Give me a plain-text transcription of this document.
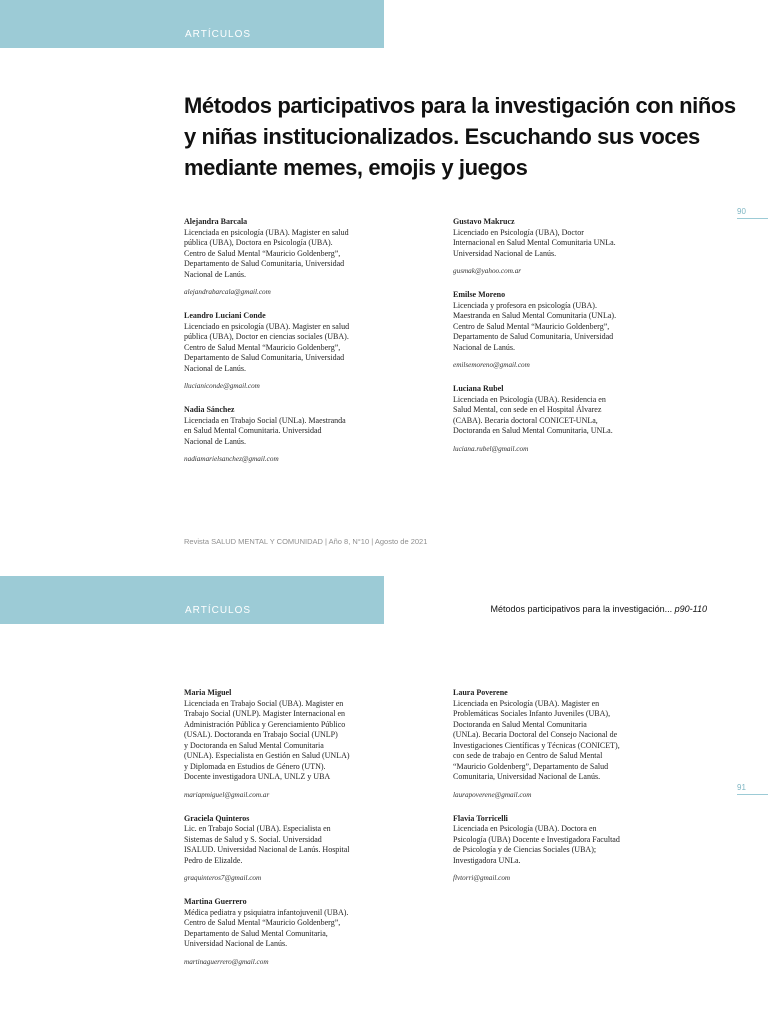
ARTÍCULOS
Métodos participativos para la investigación con niños y niñas institucionalizados. Escuchando sus voces mediante memes, emojis y juegos
90
Alejandra Barcala
Licenciada en psicología (UBA). Magister en salud
pública (UBA), Doctora en Psicología (UBA).
Centro de Salud Mental “Mauricio Goldenberg”,
Departamento de Salud Comunitaria, Universidad
Nacional de Lanús.
alejandrabarcala@gmail.com
Leandro Luciani Conde
Licenciado en psicología (UBA). Magister en salud
pública (UBA), Doctor en ciencias sociales (UBA).
Centro de Salud Mental “Mauricio Goldenberg”,
Departamento de Salud Comunitaria, Universidad
Nacional de Lanús.
llucianiconde@gmail.com
Nadia Sánchez
Licenciada en Trabajo Social (UNLa). Maestranda
en Salud Mental Comunitaria. Universidad
Nacional de Lanús.
nadiamarielsanchez@gmail.com
Gustavo Makrucz
Licenciado en Psicología (UBA), Doctor
Internacional en Salud Mental Comunitaria UNLa.
Universidad Nacional de Lanús.
gusmak@yahoo.com.ar
Emilse Moreno
Licenciada y profesora en psicología (UBA).
Maestranda en Salud Mental Comunitaria (UNLa).
Centro de Salud Mental “Mauricio Goldenberg”,
Departamento de Salud Comunitaria, Universidad
Nacional de Lanús.
emilsemoreno@gmail.com
Luciana Rubel
Licenciada en Psicología (UBA). Residencia en
Salud Mental, con sede en el Hospital Álvarez
(CABA). Becaria doctoral CONICET-UNLa,
Doctoranda en Salud Mental Comunitaria, UNLa.
luciana.rubel@gmail.com
Revista SALUD MENTAL Y COMUNIDAD | Año 8, N°10 | Agosto de 2021
ARTÍCULOS	Métodos participativos para la investigación... p90-110
91
Maria Miguel
Licenciada en Trabajo Social (UBA). Magister en
Trabajo Social (UNLP). Magister Internacional en
Administración Pública y Gerenciamiento Público
(USAL). Doctoranda en Trabajo Social (UNLP)
y Doctoranda en Salud Mental Comunitaria
(UNLA). Especialista en Gestión en Salud (UNLA)
y Diplomada en Estudios de Género (UTN).
Docente investigadora UNLA, UNLZ y UBA
mariapmiguel@gmail.com.ar
Graciela Quinteros
Lic. en Trabajo Social (UBA). Especialista en
Sistemas de Salud y S. Social. Universidad
ISALUD. Universidad Nacional de Lanús. Hospital
Pedro de Elizalde.
graquinteros7@gmail.com
Martina Guerrero
Médica pediatra y psiquiatra infantojuvenil (UBA).
Centro de Salud Mental “Mauricio Goldenberg”,
Departamento de Salud Mental Comunitaria,
Universidad Nacional de Lanús.
martinaguerrero@gmail.com
Laura Poverene
Licenciada en Psicología (UBA). Magister en
Problemáticas Sociales Infanto Juveniles (UBA),
Doctoranda en Salud Mental Comunitaria
(UNLa). Becaria Doctoral del Consejo Nacional de
Investigaciones Científicas y Técnicas (CONICET),
con sede de trabajo en Centro de Salud Mental
“Mauricio Goldenberg”, Departamento de Salud
Comunitaria, Universidad Nacional de Lanús.
laurapoverene@gmail.com
Flavia Torricelli
Licenciada en Psicología (UBA). Doctora en
Psicología (UBA) Docente e Investigadora Facultad
de Psicología y de Ciencias Sociales (UBA);
Investigadora UNLa.
flvtorri@gmail.com
